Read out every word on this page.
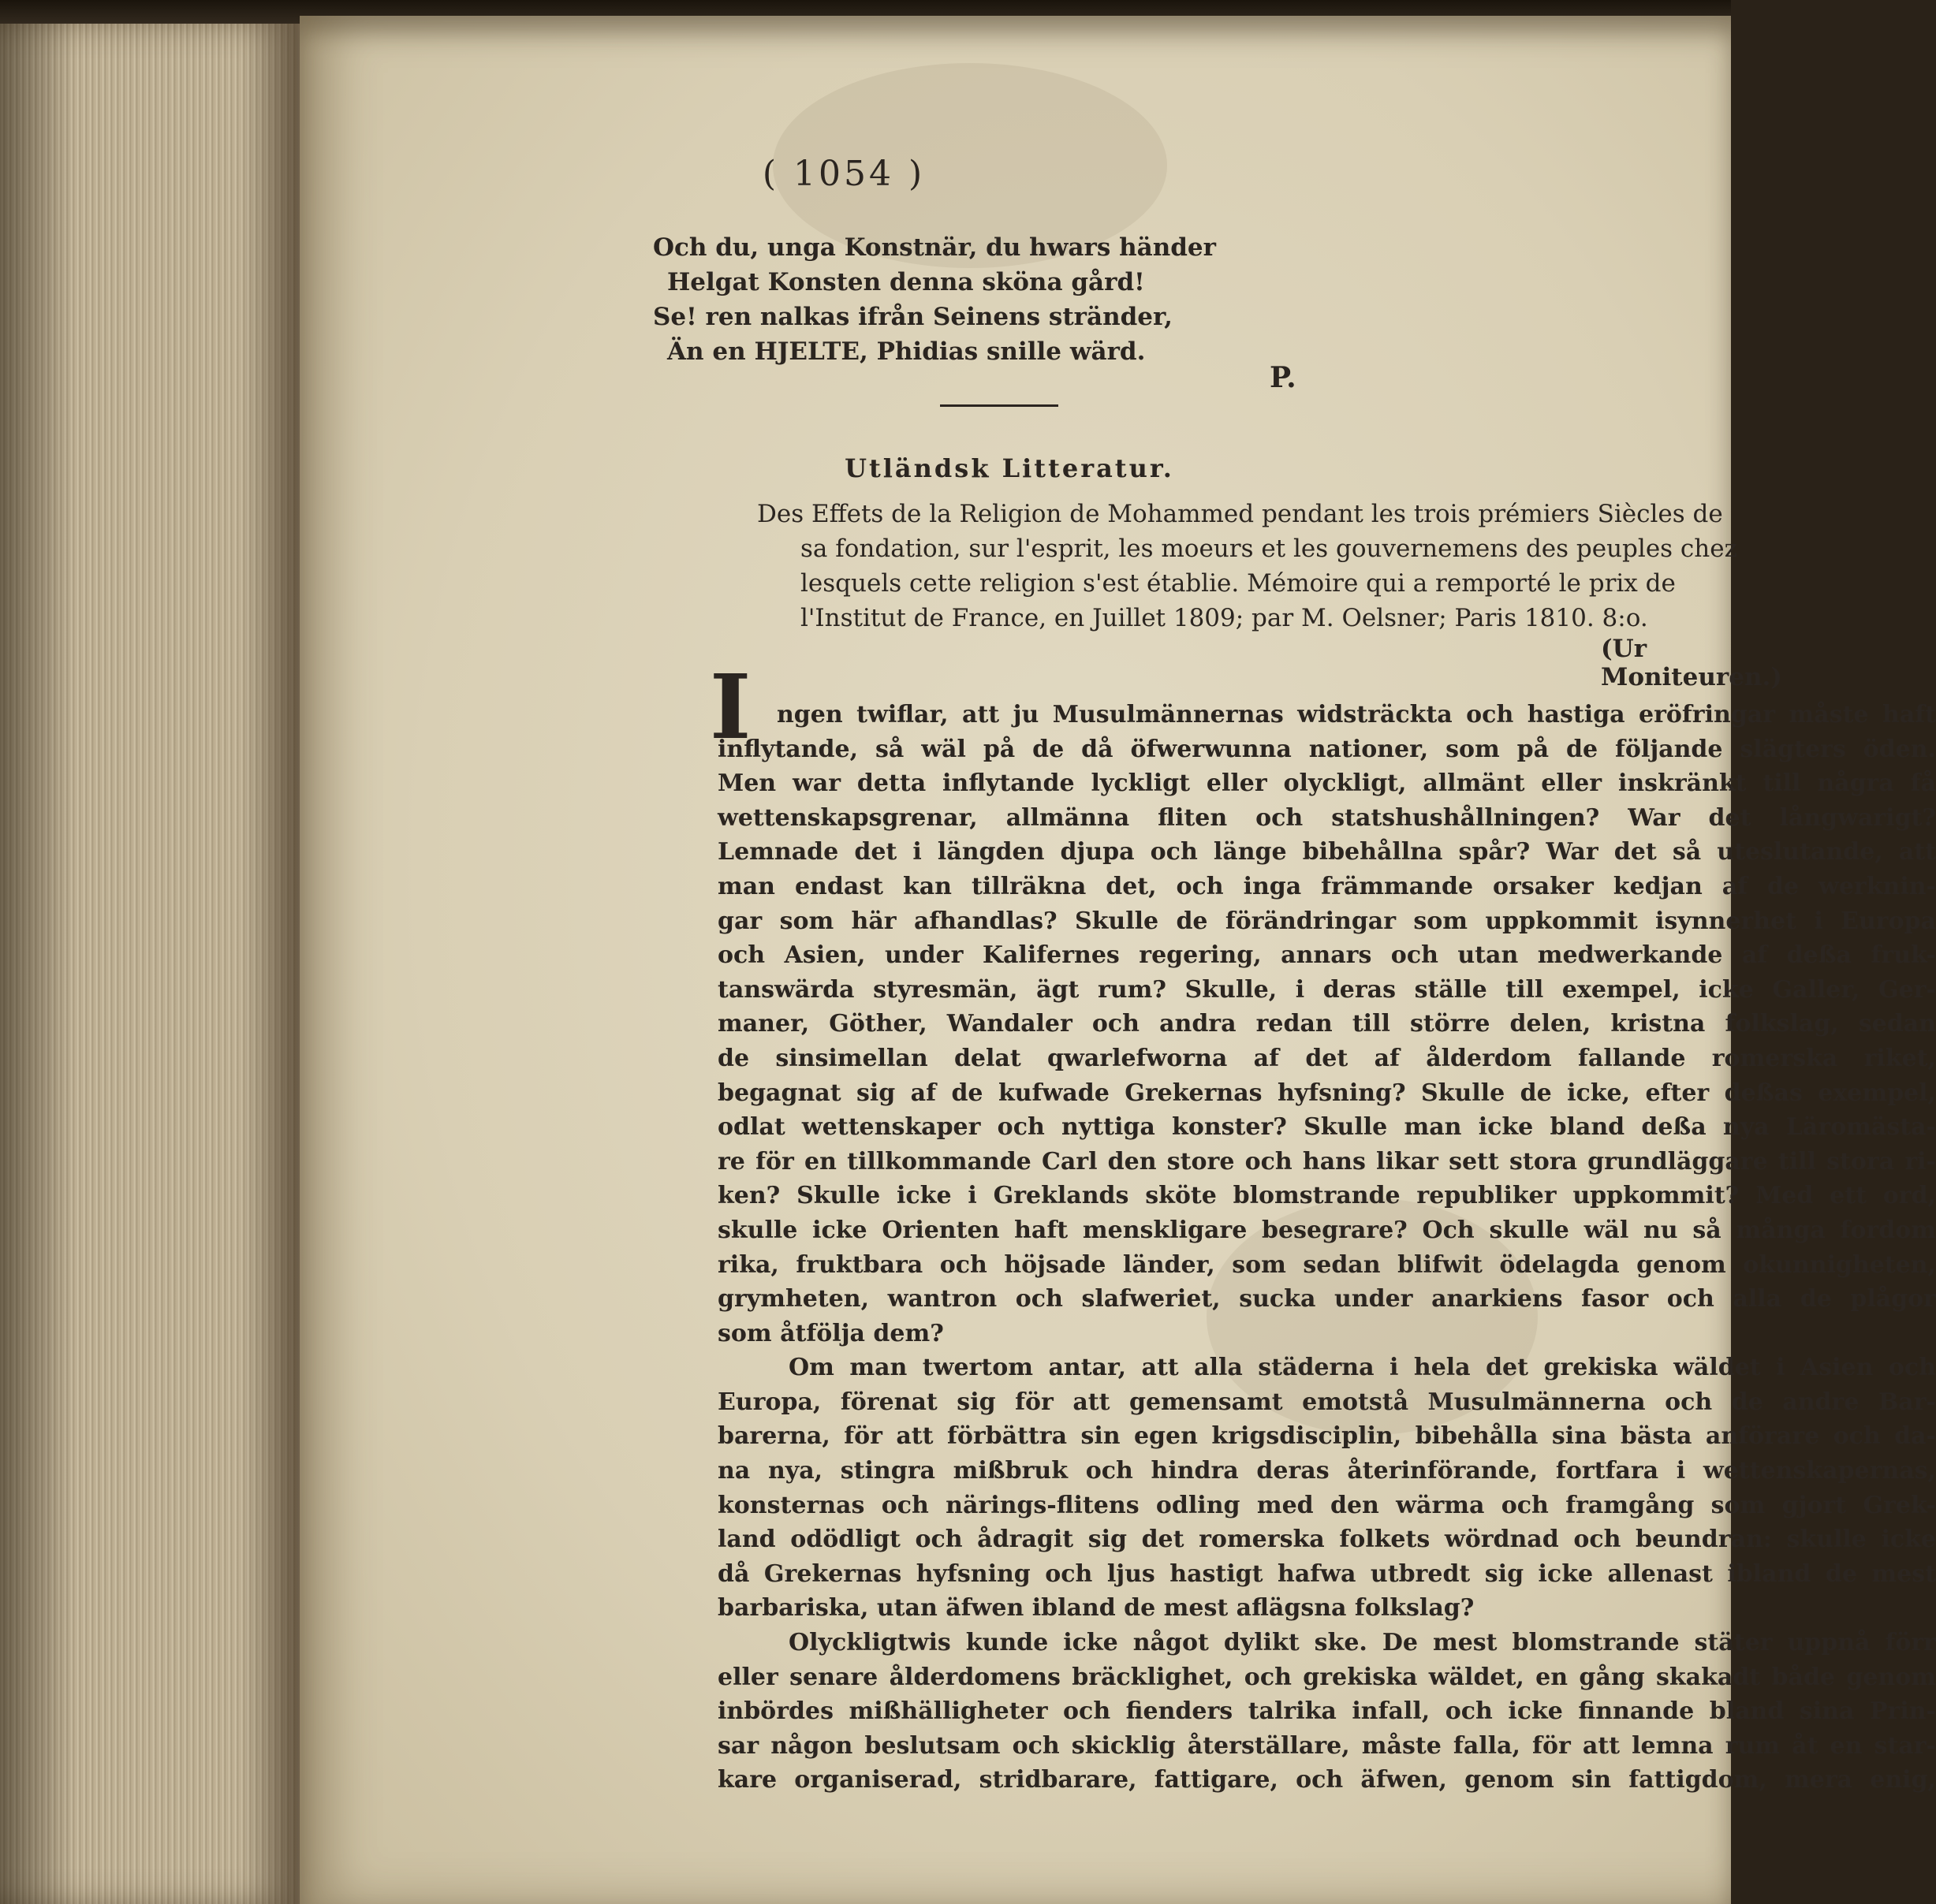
( 1054 )
Och du, unga Konstnär, du hwars händer
Helgat Konsten denna sköna gård!
Se! ren nalkas ifrån Seinens stränder,
Än en HJELTE, Phidias snille wärd.
P.
Utländsk Litteratur.
Des Effets de la Religion de Mohammed pendant les trois prémiers Siècles de
sa fondation, sur l'esprit, les moeurs et les gouvernemens des peuples chez
lesquels cette religion s'est établie. Mémoire qui a remporté le prix de
l'Institut de France, en Juillet 1809; par M. Oelsner; Paris 1810. 8:o.
(Ur Moniteuren.)
I	ngen twiflar, att ju Musulmännernas widsträckta och hastiga eröfringar måste haft
inflytande, så wäl på de då öfwerwunna nationer, som på de följande slägters öden.
Men war detta inflytande lyckligt eller olyckligt, allmänt eller inskränkt till några få
wettenskapsgrenar, allmänna fliten och statshushållningen? War det långwarigt?
Lemnade det i längden djupa och länge bibehållna spår? War det så uteslutande, att
man endast kan tillräkna det, och inga främmande orsaker kedjan af de werknin-
gar som här afhandlas? Skulle de förändringar som uppkommit isynnerhet i Europa
och Asien, under Kalifernes regering, annars och utan medwerkande af deßa fruk-
tanswärda styresmän, ägt rum? Skulle, i deras ställe till exempel, icke Galler, Ger-
maner, Göther, Wandaler och andra redan till större delen, kristna folkslag, sedan
de sinsimellan delat qwarlefworna af det af ålderdom fallande romerska riket,
begagnat sig af de kufwade Grekernas hyfsning? Skulle de icke, efter deßas exempel,
odlat wettenskaper och nyttiga konster? Skulle man icke bland deßa nya Läromästa-
re för en tillkommande Carl den store och hans likar sett stora grundläggare till stora ri-
ken? Skulle icke i Greklands sköte blomstrande republiker uppkommit? Med ett ord,
skulle icke Orienten haft menskligare besegrare? Och skulle wäl nu så många fordom
rika, fruktbara och höjsade länder, som sedan blifwit ödelagda genom okunnigheten,
grymheten, wantron och slafweriet, sucka under anarkiens fasor och alla de plågor
som åtfölja dem?
Om man twertom antar, att alla städerna i hela det grekiska wäldet i Asien och
Europa, förenat sig för att gemensamt emotstå Musulmännerna och de andre Bar-
barerna, för att förbättra sin egen krigsdisciplin, bibehålla sina bästa anförare och da-
na nya, stingra mißbruk och hindra deras återinförande, fortfara i wettenskapernas,
konsternas och närings-flitens odling med den wärma och framgång som gjort Grek-
land odödligt och ådragit sig det romerska folkets wördnad och beundran: skulle icke
då Grekernas hyfsning och ljus hastigt hafwa utbredt sig icke allenast ibland de mest
barbariska, utan äfwen ibland de mest aflägsna folkslag?
Olyckligtwis kunde icke något dylikt ske. De mest blomstrande stäter uppnå förr
eller senare ålderdomens bräcklighet, och grekiska wäldet, en gång skakadt både genom
inbördes mißhälligheter och fienders talrika infall, och icke finnande bland sina Prin-
sar någon beslutsam och skicklig återställare, måste falla, för att lemna rum åt en star-
kare organiserad, stridbarare, fattigare, och äfwen, genom sin fattigdom, mera enig,
